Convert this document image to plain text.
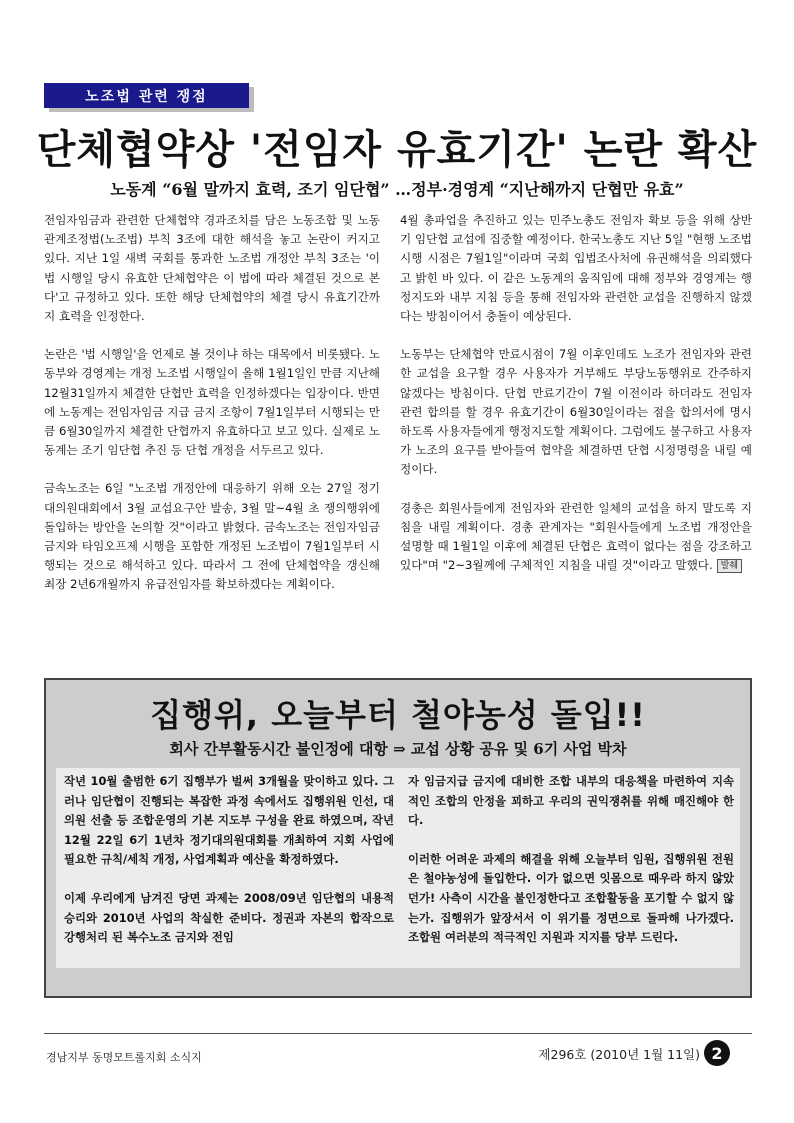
노조법 관련 쟁점
단체협약상 '전임자 유효기간' 논란 확산
노동계 “6월 말까지 효력, 조기 임단협” …정부·경영계 “지난해까지 단협만 유효”

전임자임금과 관련한 단체협약 경과조치를 담은 노동조합 및 노동관계조정법(노조법) 부칙 3조에 대한 해석을 놓고 논란이 커지고 있다. 지난 1일 새벽 국회를 통과한 노조법 개정안 부칙 3조는 '이 법 시행일 당시 유효한 단체협약은 이 법에 따라 체결된 것으로 본다'고 규정하고 있다. 또한 해당 단체협약의 체결 당시 유효기간까지 효력을 인정한다.

논란은 '법 시행일'을 언제로 볼 것이냐 하는 대목에서 비롯됐다. 노동부와 경영계는 개정 노조법 시행일이 올해 1월1일인 만큼 지난해 12월31일까지 체결한 단협만 효력을 인정하겠다는 입장이다. 반면에 노동계는 전임자임금 지급 금지 조항이 7월1일부터 시행되는 만큼 6월30일까지 체결한 단협까지 유효하다고 보고 있다. 실제로 노동계는 조기 임단협 추진 등 단협 개정을 서두르고 있다.

금속노조는 6일 "노조법 개정안에 대응하기 위해 오는 27일 정기대의원대회에서 3월 교섭요구안 발송, 3월 말~4월 초 쟁의행위에 돌입하는 방안을 논의할 것"이라고 밝혔다. 금속노조는 전임자임금 금지와 타임오프제 시행을 포함한 개정된 노조법이 7월1일부터 시행되는 것으로 해석하고 있다. 따라서 그 전에 단체협약을 갱신해 최장 2년6개월까지 유급전임자를 확보하겠다는 계획이다.

4월 총파업을 추진하고 있는 민주노총도 전임자 확보 등을 위해 상반기 임단협 교섭에 집중할 예정이다. 한국노총도 지난 5일 "현행 노조법 시행 시점은 7월1일"이라며 국회 입법조사처에 유권해석을 의뢰했다고 밝힌 바 있다. 이 같은 노동계의 움직임에 대해 정부와 경영계는 행정지도와 내부 지침 등을 통해 전임자와 관련한 교섭을 진행하지 않겠다는 방침이어서 충돌이 예상된다.

노동부는 단체협약 만료시점이 7월 이후인데도 노조가 전임자와 관련한 교섭을 요구할 경우 사용자가 거부해도 부당노동행위로 간주하지 않겠다는 방침이다. 단협 만료기간이 7월 이전이라 하더라도 전임자 관련 합의를 할 경우 유효기간이 6월30일이라는 점을 합의서에 명시하도록 사용자들에게 행정지도할 계획이다. 그럼에도 불구하고 사용자가 노조의 요구를 받아들여 협약을 체결하면 단협 시정명령을 내릴 예정이다.

경총은 회원사들에게 전임자와 관련한 일체의 교섭을 하지 말도록 지침을 내릴 계획이다. 경총 관계자는 "회원사들에게 노조법 개정안을 설명할 때 1월1일 이후에 체결된 단협은 효력이 없다는 점을 강조하고 있다"며 "2~3월께에 구체적인 지침을 내릴 것"이라고 말했다. 발췌

집행위, 오늘부터 철야농성 돌입!!
회사 간부활동시간 불인정에 대항 ⇒ 교섭 상황 공유 및 6기 사업 박차

작년 10월 출범한 6기 집행부가 벌써 3개월을 맞이하고 있다. 그러나 임단협이 진행되는 복잡한 과정 속에서도 집행위원 인선, 대의원 선출 등 조합운영의 기본 지도부 구성을 완료 하였으며, 작년 12월 22일 6기 1년차 정기대의원대회를 개최하여 지회 사업에 필요한 규칙/세칙 개정, 사업계획과 예산을 확정하였다.

이제 우리에게 남겨진 당면 과제는 2008/09년 임단협의 내용적 승리와 2010년 사업의 착실한 준비다. 정권과 자본의 합작으로 강행처리 된 복수노조 금지와 전임

자 임금지급 금지에 대비한 조합 내부의 대응책을 마련하여 지속적인 조합의 안정을 꾀하고 우리의 권익쟁취를 위해 매진해야 한다.

이러한 어려운 과제의 해결을 위해 오늘부터 임원, 집행위원 전원은 철야농성에 돌입한다. 이가 없으면 잇몸으로 때우라 하지 않았던가! 사측이 시간을 불인정한다고 조합활동을 포기할 수 없지 않는가. 집행위가 앞장서서 이 위기를 정면으로 돌파해 나가겠다. 조합원 여러분의 적극적인 지원과 지지를 당부 드린다.

경남지부 동명모트롤지회 소식지	제296호 (2010년 1월 11일) 2
